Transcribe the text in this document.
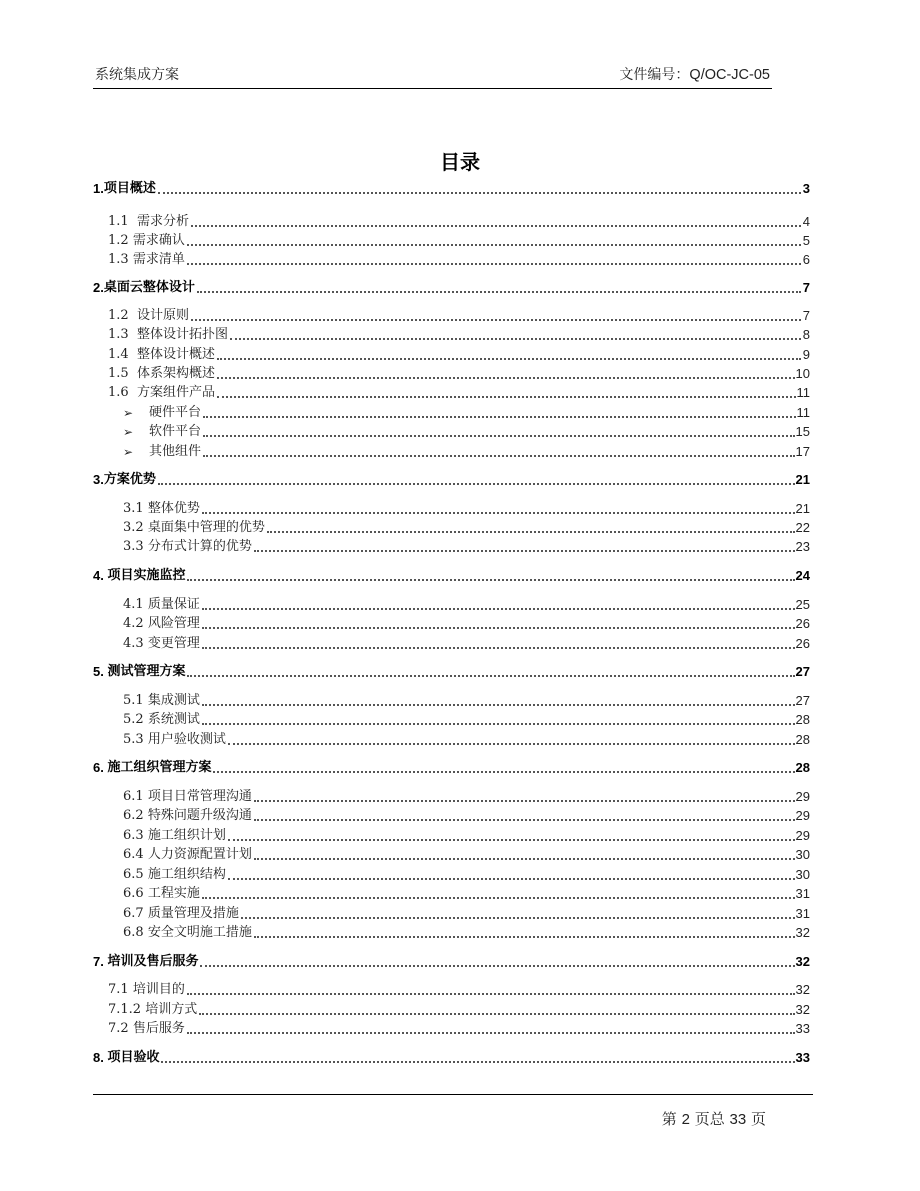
系统集成方案	文件编号：Q/OC-JC-05
目录
1. 项目概述	3
1.1 需求分析	4
1.2 需求确认	5
1.3 需求清单	6
2. 桌面云整体设计	7
1.2 设计原则	7
1.3 整体设计拓扑图	8
1.4 整体设计概述	9
1.5 体系架构概述	10
1.6 方案组件产品	11
➢	硬件平台	11
➢	软件平台	15
➢	其他组件	17
3. 方案优势	21
3.1 整体优势	21
3.2 桌面集中管理的优势	22
3.3 分布式计算的优势	23
4. 项目实施监控	24
4.1 质量保证	25
4.2 风险管理	26
4.3 变更管理	26
5. 测试管理方案	27
5.1 集成测试	27
5.2 系统测试	28
5.3 用户验收测试	28
6. 施工组织管理方案	28
6.1 项目日常管理沟通	29
6.2 特殊问题升级沟通	29
6.3 施工组织计划	29
6.4 人力资源配置计划	30
6.5 施工组织结构	30
6.6 工程实施	31
6.7 质量管理及措施	31
6.8 安全文明施工措施	32
7. 培训及售后服务	32
7.1 培训目的	32
7.1.2 培训方式	32
7.2 售后服务	33
8. 项目验收	33
第 2 页总 33 页
